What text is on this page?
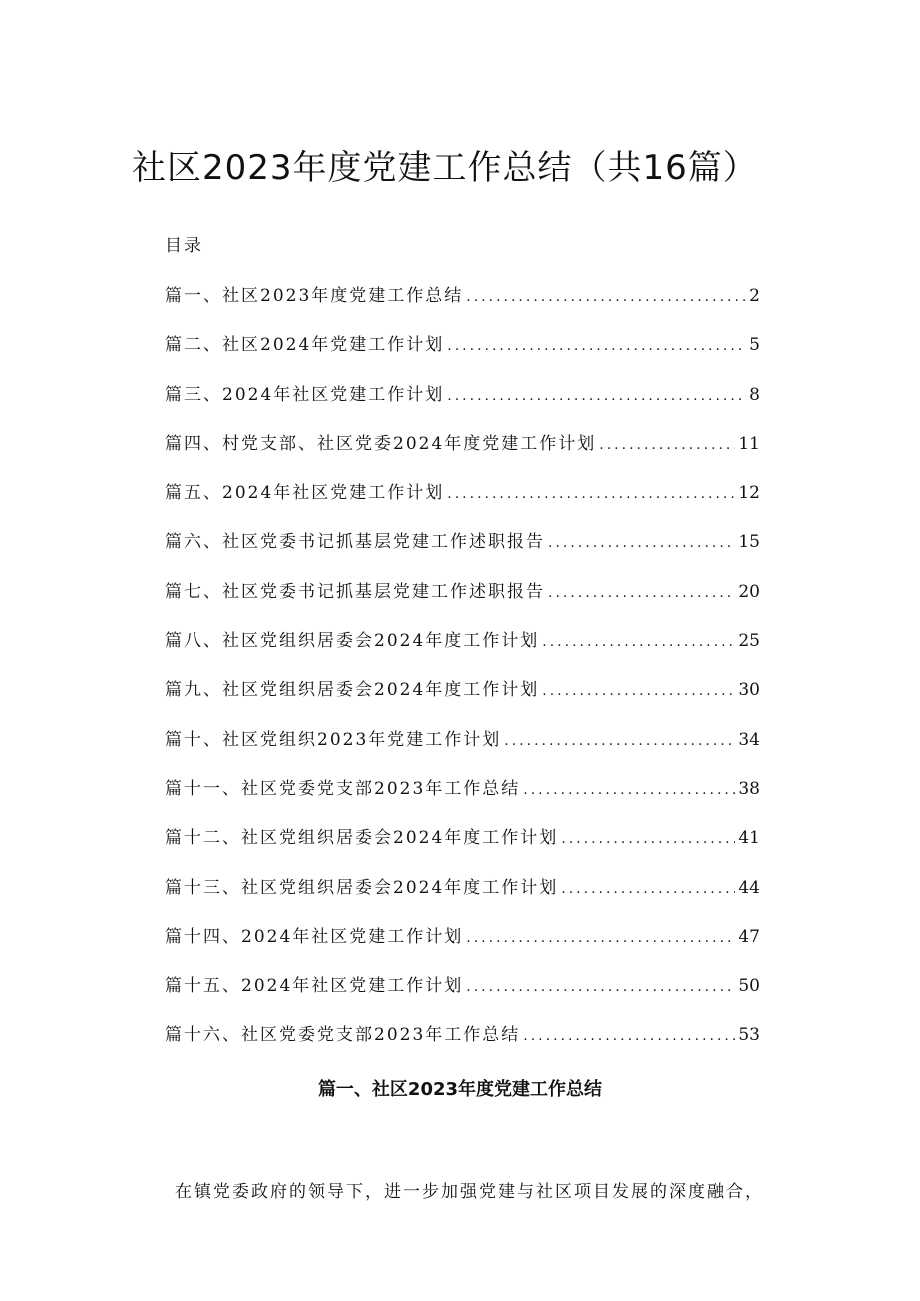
社区2023年度党建工作总结（共16篇）
目录
篇一、社区2023年度党建工作总结 .....	2
篇二、社区2024年党建工作计划 .....	5
篇三、2024年社区党建工作计划 .....	8
篇四、村党支部、社区党委2024年度党建工作计划 .....	11
篇五、2024年社区党建工作计划 .....	12
篇六、社区党委书记抓基层党建工作述职报告 .....	15
篇七、社区党委书记抓基层党建工作述职报告 .....	20
篇八、社区党组织居委会2024年度工作计划 .....	25
篇九、社区党组织居委会2024年度工作计划 .....	30
篇十、社区党组织2023年党建工作计划 .....	34
篇十一、社区党委党支部2023年工作总结 .....	38
篇十二、社区党组织居委会2024年度工作计划 .....	41
篇十三、社区党组织居委会2024年度工作计划 .....	44
篇十四、2024年社区党建工作计划 .....	47
篇十五、2024年社区党建工作计划 .....	50
篇十六、社区党委党支部2023年工作总结 .....	53
篇一、社区2023年度党建工作总结
在镇党委政府的领导下，进一步加强党建与社区项目发展的深度融合，
